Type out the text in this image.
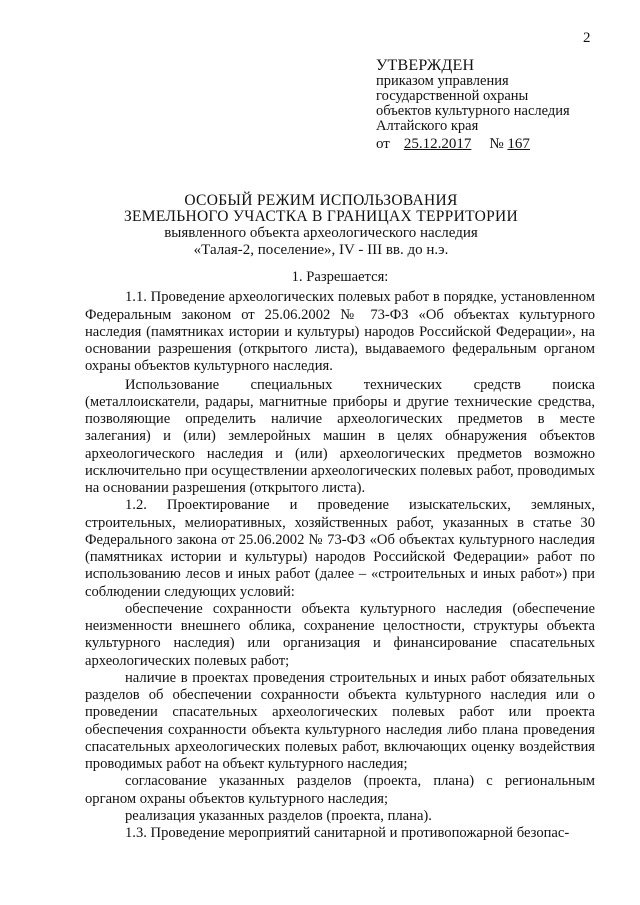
2
УТВЕРЖДЕН
приказом управления
государственной охраны
объектов культурного наследия
Алтайского края
от 25.12.2017 № 167
ОСОБЫЙ РЕЖИМ ИСПОЛЬЗОВАНИЯ
ЗЕМЕЛЬНОГО УЧАСТКА В ГРАНИЦАХ ТЕРРИТОРИИ
выявленного объекта археологического наследия
«Талая-2, поселение», IV - III вв. до н.э.

1. Разрешается:

1.1. Проведение археологических полевых работ в порядке, установленном Федеральным законом от 25.06.2002 № 73-ФЗ «Об объектах культурного наследия (памятниках истории и культуры) народов Российской Федерации», на основании разрешения (открытого листа), выдаваемого федеральным органом охраны объектов культурного наследия.

Использование специальных технических средств поиска (металлоискатели, радары, магнитные приборы и другие технические средства, позволяющие определить наличие археологических предметов в месте залегания) и (или) землеройных машин в целях обнаружения объектов археологического наследия и (или) археологических предметов возможно исключительно при осуществлении археологических полевых работ, проводимых на основании разрешения (открытого листа).

1.2. Проектирование и проведение изыскательских, земляных, строительных, мелиоративных, хозяйственных работ, указанных в статье 30 Федерального закона от 25.06.2002 № 73-ФЗ «Об объектах культурного наследия (памятниках истории и культуры) народов Российской Федерации» работ по использованию лесов и иных работ (далее – «строительных и иных работ») при соблюдении следующих условий:

обеспечение сохранности объекта культурного наследия (обеспечение неизменности внешнего облика, сохранение целостности, структуры объекта культурного наследия) или организация и финансирование спасательных археологических полевых работ;

наличие в проектах проведения строительных и иных работ обязательных разделов об обеспечении сохранности объекта культурного наследия или о проведении спасательных археологических полевых работ или проекта обеспечения сохранности объекта культурного наследия либо плана проведения спасательных археологических полевых работ, включающих оценку воздействия проводимых работ на объект культурного наследия;

согласование указанных разделов (проекта, плана) с региональным органом охраны объектов культурного наследия;

реализация указанных разделов (проекта, плана).

1.3. Проведение мероприятий санитарной и противопожарной безопас-
